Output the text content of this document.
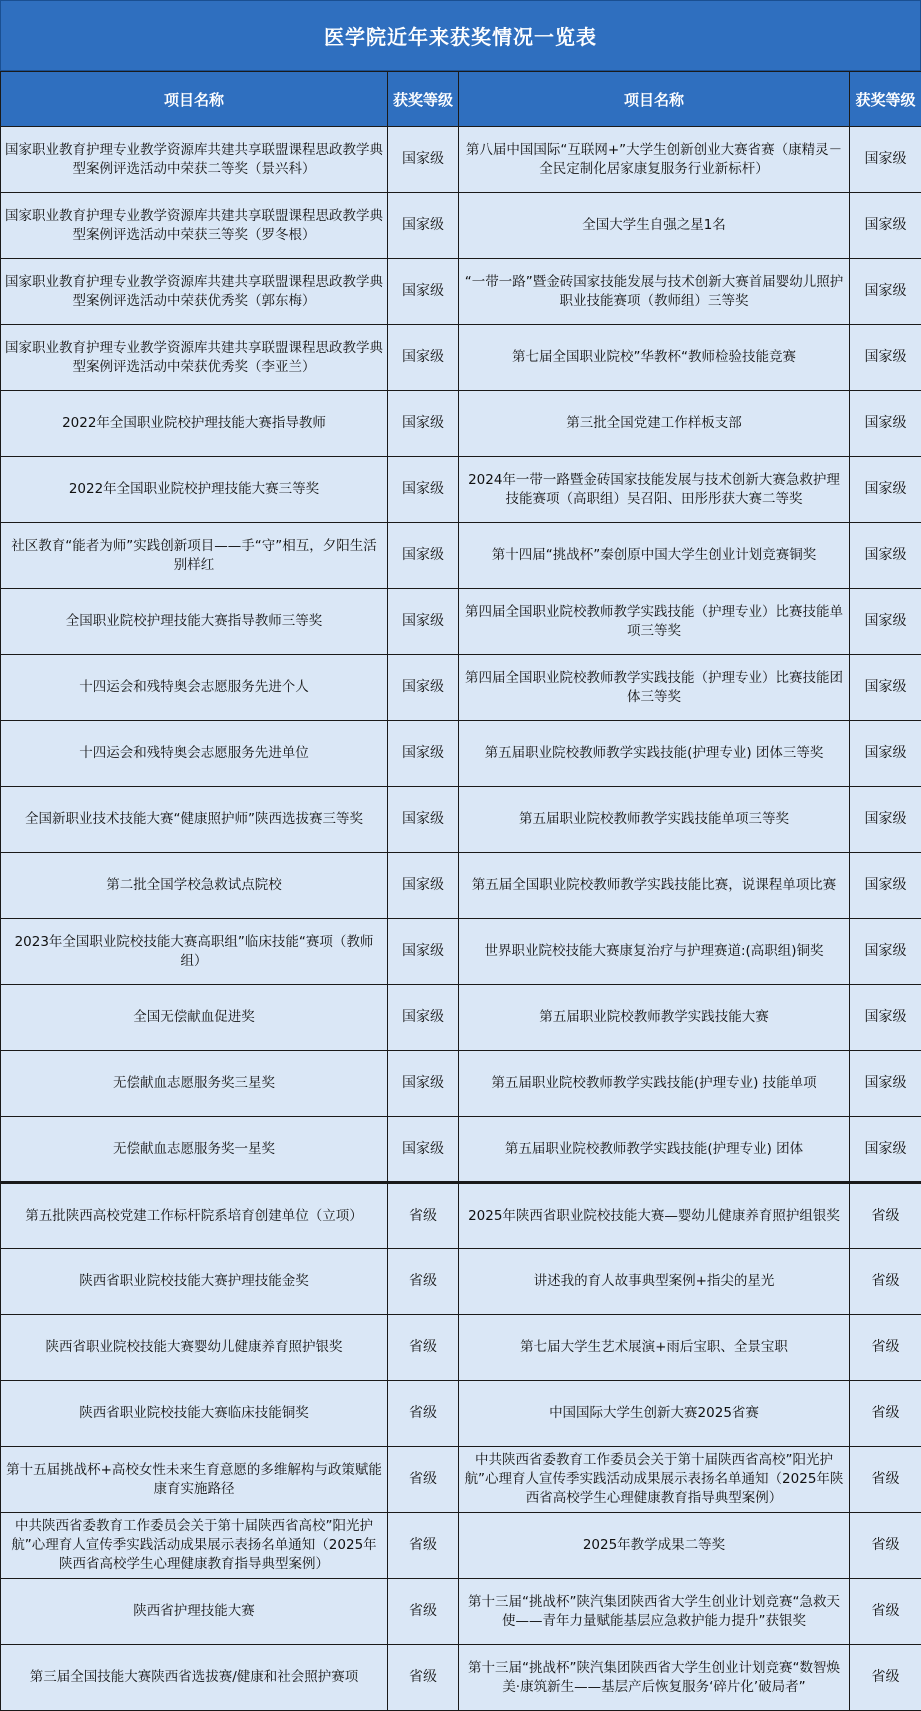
医学院近年来获奖情况一览表
项目名称	获奖等级	项目名称	获奖等级
国家职业教育护理专业教学资源库共建共享联盟课程思政教学典型案例评选活动中荣获二等奖（景兴科）	国家级	第八届中国国际“互联网+”大学生创新创业大赛省赛（康精灵－全民定制化居家康复服务行业新标杆）	国家级
国家职业教育护理专业教学资源库共建共享联盟课程思政教学典型案例评选活动中荣获三等奖（罗冬根）	国家级	全国大学生自强之星1名	国家级
国家职业教育护理专业教学资源库共建共享联盟课程思政教学典型案例评选活动中荣获优秀奖（郭东梅）	国家级	“一带一路”暨金砖国家技能发展与技术创新大赛首届婴幼儿照护职业技能赛项（教师组）三等奖	国家级
国家职业教育护理专业教学资源库共建共享联盟课程思政教学典型案例评选活动中荣获优秀奖（李亚兰）	国家级	第七届全国职业院校”华教杯“教师检验技能竞赛	国家级
2022年全国职业院校护理技能大赛指导教师	国家级	第三批全国党建工作样板支部	国家级
2022年全国职业院校护理技能大赛三等奖	国家级	2024年一带一路暨金砖国家技能发展与技术创新大赛急救护理技能赛项（高职组）吴召阳、田彤彤获大赛二等奖	国家级
社区教育“能者为师”实践创新项目——手“守”相互，夕阳生活别样红	国家级	第十四届“挑战杯”秦创原中国大学生创业计划竞赛铜奖	国家级
全国职业院校护理技能大赛指导教师三等奖	国家级	第四届全国职业院校教师教学实践技能（护理专业）比赛技能单项三等奖	国家级
十四运会和残特奥会志愿服务先进个人	国家级	第四届全国职业院校教师教学实践技能（护理专业）比赛技能团体三等奖	国家级
十四运会和残特奥会志愿服务先进单位	国家级	第五届职业院校教师教学实践技能(护理专业) 团体三等奖	国家级
全国新职业技术技能大赛“健康照护师”陕西选拔赛三等奖	国家级	第五届职业院校教师教学实践技能单项三等奖	国家级
第二批全国学校急救试点院校	国家级	第五届全国职业院校教师教学实践技能比赛，说课程单项比赛	国家级
2023年全国职业院校技能大赛高职组”临床技能“赛项（教师组）	国家级	世界职业院校技能大赛康复治疗与护理赛道:(高职组)铜奖	国家级
全国无偿献血促进奖	国家级	第五届职业院校教师教学实践技能大赛	国家级
无偿献血志愿服务奖三星奖	国家级	第五届职业院校教师教学实践技能(护理专业) 技能单项	国家级
无偿献血志愿服务奖一星奖	国家级	第五届职业院校教师教学实践技能(护理专业) 团体	国家级
第五批陕西高校党建工作标杆院系培育创建单位（立项）	省级	2025年陕西省职业院校技能大赛—婴幼儿健康养育照护组银奖	省级
陕西省职业院校技能大赛护理技能金奖	省级	讲述我的育人故事典型案例+指尖的星光	省级
陕西省职业院校技能大赛婴幼儿健康养育照护银奖	省级	第七届大学生艺术展演+雨后宝职、全景宝职	省级
陕西省职业院校技能大赛临床技能铜奖	省级	中国国际大学生创新大赛2025省赛	省级
第十五届挑战杯+高校女性未来生育意愿的多维解构与政策赋能康育实施路径	省级	中共陕西省委教育工作委员会关于第十届陕西省高校”阳光护航”心理育人宣传季实践活动成果展示表扬名单通知（2025年陕西省高校学生心理健康教育指导典型案例）	省级
中共陕西省委教育工作委员会关于第十届陕西省高校”阳光护航”心理育人宣传季实践活动成果展示表扬名单通知（2025年陕西省高校学生心理健康教育指导典型案例）	省级	2025年教学成果二等奖	省级
陕西省护理技能大赛	省级	第十三届“挑战杯”陕汽集团陕西省大学生创业计划竞赛“急救天使——青年力量赋能基层应急救护能力提升”获银奖	省级
第三届全国技能大赛陕西省选拔赛/健康和社会照护赛项	省级	第十三届“挑战杯”陕汽集团陕西省大学生创业计划竞赛“数智焕美·康筑新生——基层产后恢复服务‘碎片化’破局者”	省级
